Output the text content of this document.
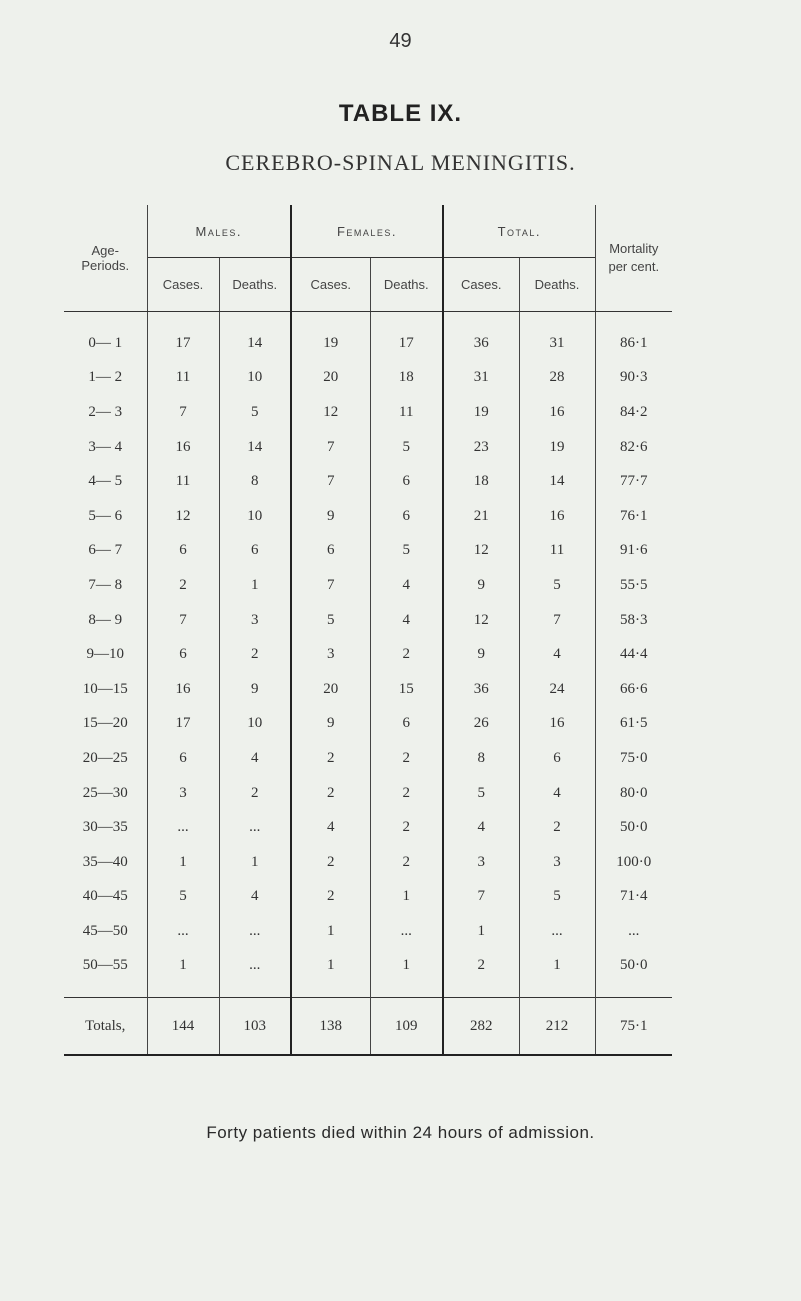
49
TABLE IX.
CEREBRO-SPINAL MENINGITIS.
Age-Periods.	Males.		Females.		Total.		Mortality per cent.
	Cases.	Deaths.	Cases.	Deaths.	Cases.	Deaths.	

0— 1	17	14	19	17	36	31	86·1
1— 2	11	10	20	18	31	28	90·3
2— 3	7	5	12	11	19	16	84·2
3— 4	16	14	7	5	23	19	82·6
4— 5	11	8	7	6	18	14	77·7
5— 6	12	10	9	6	21	16	76·1
6— 7	6	6	6	5	12	11	91·6
7— 8	2	1	7	4	9	5	55·5
8— 9	7	3	5	4	12	7	58·3
9—10	6	2	3	2	9	4	44·4
10—15	16	9	20	15	36	24	66·6
15—20	17	10	9	6	26	16	61·5
20—25	6	4	2	2	8	6	75·0
25—30	3	2	2	2	5	4	80·0
30—35	...	...	4	2	4	2	50·0
35—40	1	1	2	2	3	3	100·0
40—45	5	4	2	1	7	5	71·4
45—50	...	...	1	...	1	...	...
50—55	1	...	1	1	2	1	50·0

Totals,	144	103	138	109	282	212	75·1
Forty patients died within 24 hours of admission.
